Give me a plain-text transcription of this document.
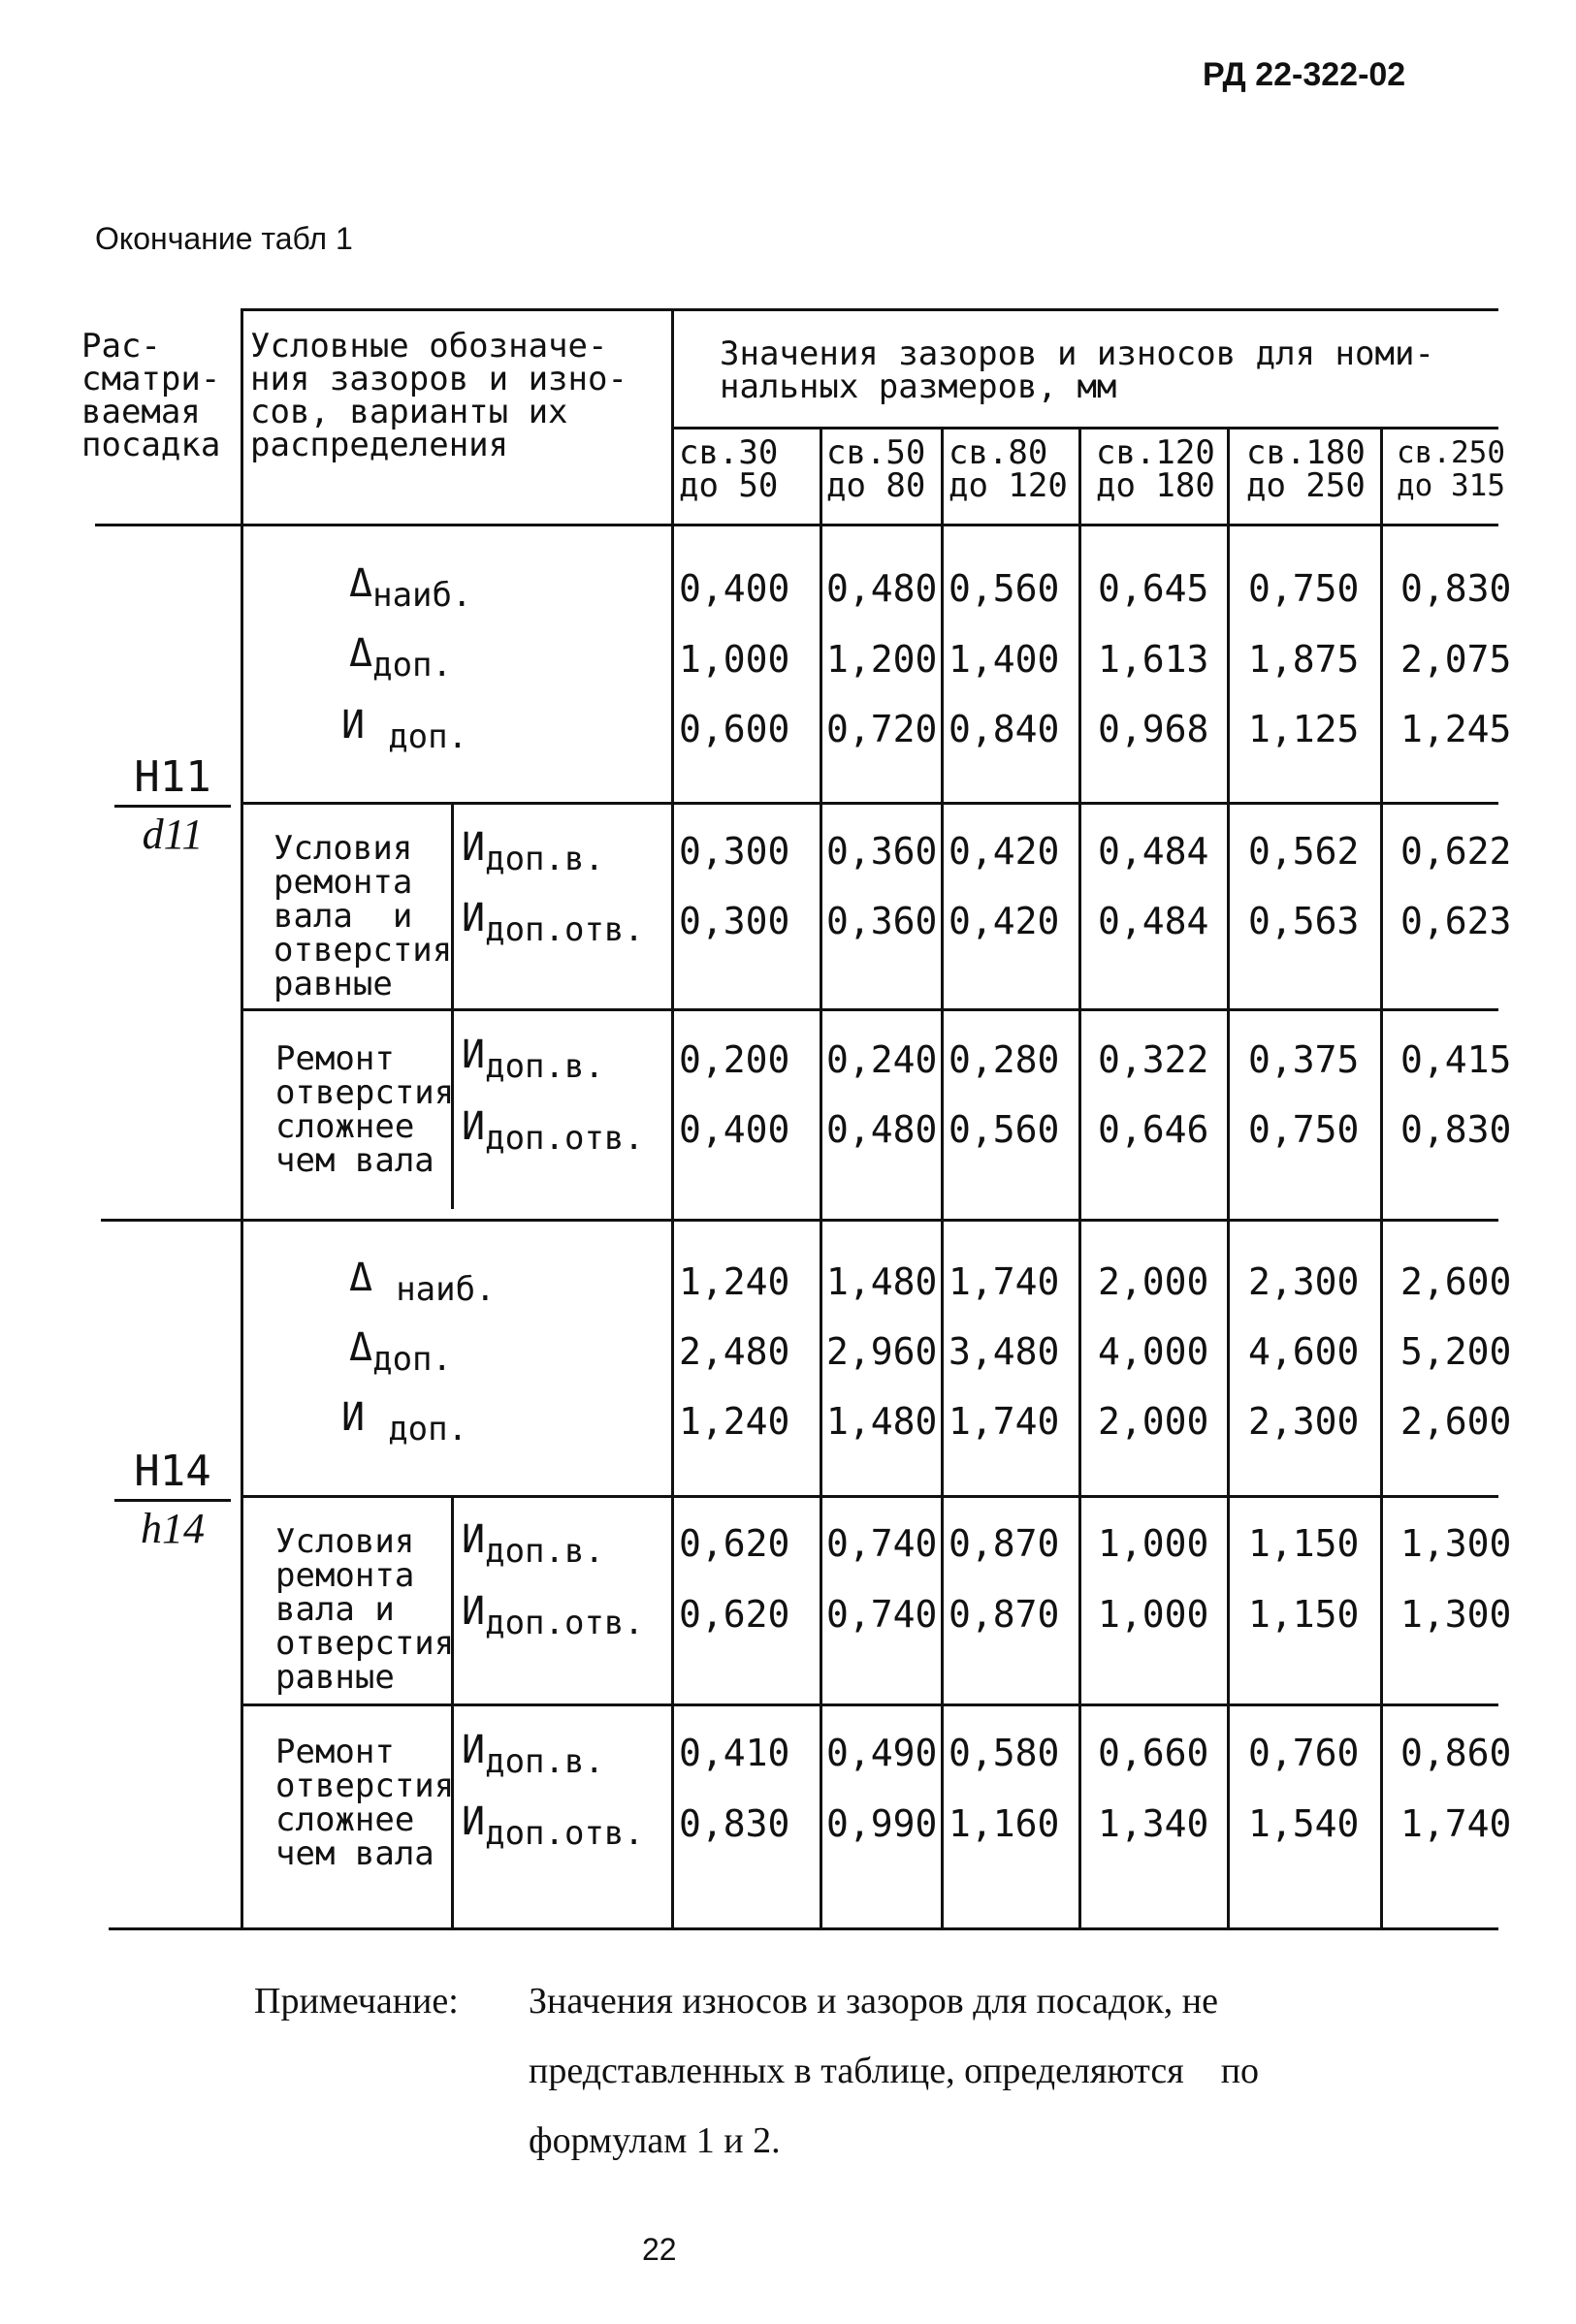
РД 22-322-02
Окончание табл 1
Рас-
сматри-
ваемая
посадка
Условные обозначе-
ния зазоров и изно-
сов, варианты их
распределения
Значения зазоров и износов для номи-
нальных размеров, мм
св.30
до 50
св.50
до 80
св.80
до 120
св.120
до 180
св.180
до 250
св.250
до 315
H11
d11
H14
h14
$\Delta_{наиб.}$
$\Delta_{доп.}$
И $_{доп.}$
Условия
ремонта
вала  и
отверстия
равные
$И_{доп.в.}$
$И_{доп.отв.}$
Ремонт
отверстия
сложнее
чем вала
$И_{доп.в.}$
$И_{доп.отв.}$
Δ $_{наиб.}$
$\Delta_{доп.}$
И $_{доп.}$
Условия
ремонта
вала и
отверстия
равные
$И_{доп.в.}$
$И_{доп.отв.}$
Ремонт
отверстия
сложнее
чем вала
$И_{доп.в.}$
$И_{доп.отв.}$
0,400 0,480 0,560 0,645 0,750 0,830
1,000 1,200 1,400 1,613 1,875 2,075
0,600 0,720 0,840 0,968 1,125 1,245
0,300 0,360 0,420 0,484 0,562 0,622
0,300 0,360 0,420 0,484 0,563 0,623
0,200 0,240 0,280 0,322 0,375 0,415
0,400 0,480 0,560 0,646 0,750 0,830
1,240 1,480 1,740 2,000 2,300 2,600
2,480 2,960 3,480 4,000 4,600 5,200
1,240 1,480 1,740 2,000 2,300 2,600
0,620 0,740 0,870 1,000 1,150 1,300
0,620 0,740 0,870 1,000 1,150 1,300
0,410 0,490 0,580 0,660 0,760 0,860
0,830 0,990 1,160 1,340 1,540 1,740
Примечание: Значения износов и зазоров для посадок, не
представленных в таблице, определяются    по
формулам 1 и 2.
22
